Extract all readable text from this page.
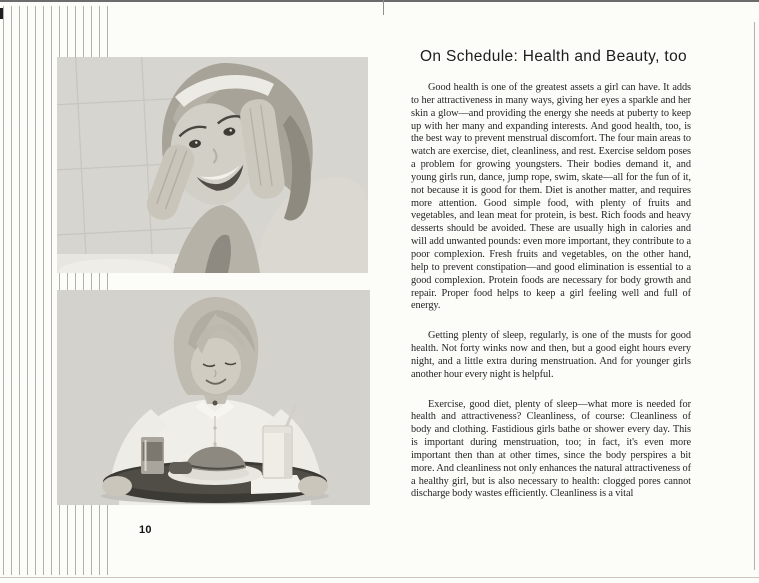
10
On Schedule: Health and Beauty, too

Good health is one of the greatest assets a girl can have. It adds to her attractiveness in many ways, giving her eyes a sparkle and her skin a glow—and providing the energy she needs at puberty to keep up with her many and expanding interests. And good health, too, is the best way to prevent menstrual discomfort. The four main areas to watch are exercise, diet, cleanliness, and rest. Exercise seldom poses a problem for growing youngsters. Their bodies demand it, and young girls run, dance, jump rope, swim, skate—all for the fun of it, not because it is good for them. Diet is another matter, and requires more attention. Good simple food, with plenty of fruits and vegetables, and lean meat for protein, is best. Rich foods and heavy desserts should be avoided. These are usually high in calories and will add unwanted pounds: even more important, they contribute to a poor complexion. Fresh fruits and vegetables, on the other hand, help to prevent constipation—and good elimination is essential to a good complexion. Protein foods are necessary for body growth and repair. Proper food helps to keep a girl feeling well and full of energy.

Getting plenty of sleep, regularly, is one of the musts for good health. Not forty winks now and then, but a good eight hours every night, and a little extra during menstruation. And for younger girls another hour every night is helpful.

Exercise, good diet, plenty of sleep—what more is needed for health and attractiveness? Cleanliness, of course: Cleanliness of body and clothing. Fastidious girls bathe or shower every day. This is important during menstruation, too; in fact, it's even more important then than at other times, since the body perspires a bit more. And cleanliness not only enhances the natural attractiveness of a healthy girl, but is also necessary to health: clogged pores cannot discharge body wastes efficiently. Cleanliness is a vital
